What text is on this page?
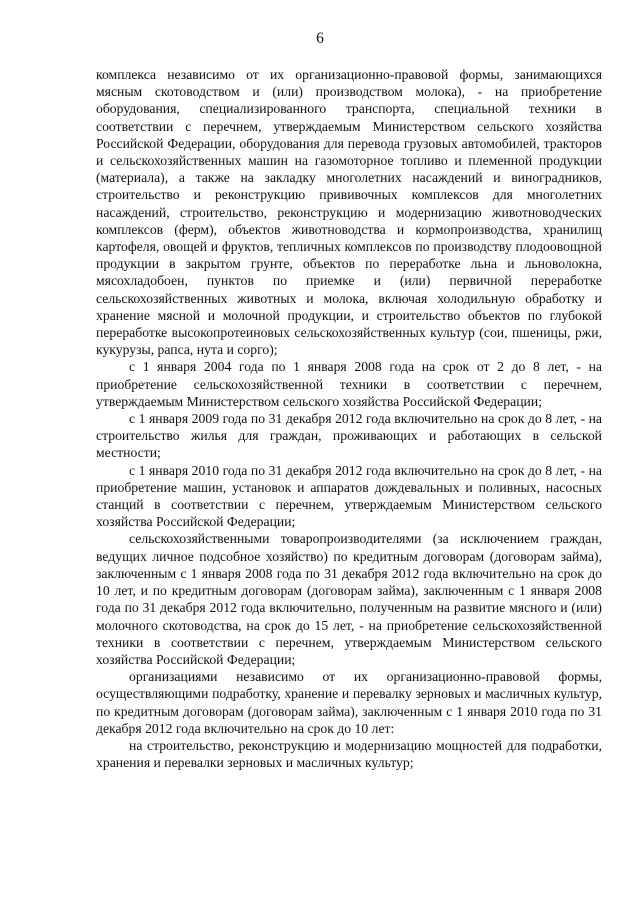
6

комплекса независимо от их организационно-правовой формы, занимающихся мясным скотоводством и (или) производством молока), - на приобретение оборудования, специализированного транспорта, специальной техники в соответствии с перечнем, утверждаемым Министерством сельского хозяйства Российской Федерации, оборудования для перевода грузовых автомобилей, тракторов и сельскохозяйственных машин на газомоторное топливо и племенной продукции (материала), а также на закладку многолетних насаждений и виноградников, строительство и реконструкцию прививочных комплексов для многолетних насаждений, строительство, реконструкцию и модернизацию животноводческих комплексов (ферм), объектов животноводства и кормопроизводства, хранилищ картофеля, овощей и фруктов, тепличных комплексов по производству плодоовощной продукции в закрытом грунте, объектов по переработке льна и льноволокна, мясохладобоен, пунктов по приемке и (или) первичной переработке сельскохозяйственных животных и молока, включая холодильную обработку и хранение мясной и молочной продукции, и строительство объектов по глубокой переработке высокопротеиновых сельскохозяйственных культур (сои, пшеницы, ржи, кукурузы, рапса, нута и сорго);

с 1 января 2004 года по 1 января 2008 года на срок от 2 до 8 лет, - на приобретение сельскохозяйственной техники в соответствии с перечнем, утверждаемым Министерством сельского хозяйства Российской Федерации;

с 1 января 2009 года по 31 декабря 2012 года включительно на срок до 8 лет, - на строительство жилья для граждан, проживающих и работающих в сельской местности;

с 1 января 2010 года по 31 декабря 2012 года включительно на срок до 8 лет, - на приобретение машин, установок и аппаратов дождевальных и поливных, насосных станций в соответствии с перечнем, утверждаемым Министерством сельского хозяйства Российской Федерации;

сельскохозяйственными товаропроизводителями (за исключением граждан, ведущих личное подсобное хозяйство) по кредитным договорам (договорам займа), заключенным с 1 января 2008 года по 31 декабря 2012 года включительно на срок до 10 лет, и по кредитным договорам (договорам займа), заключенным с 1 января 2008 года по 31 декабря 2012 года включительно, полученным на развитие мясного и (или) молочного скотоводства, на срок до 15 лет, - на приобретение сельскохозяйственной техники в соответствии с перечнем, утверждаемым Министерством сельского хозяйства Российской Федерации;

организациями независимо от их организационно-правовой формы, осуществляющими подработку, хранение и перевалку зерновых и масличных культур, по кредитным договорам (договорам займа), заключенным с 1 января 2010 года по 31 декабря 2012 года включительно на срок до 10 лет:

на строительство, реконструкцию и модернизацию мощностей для подработки, хранения и перевалки зерновых и масличных культур;
